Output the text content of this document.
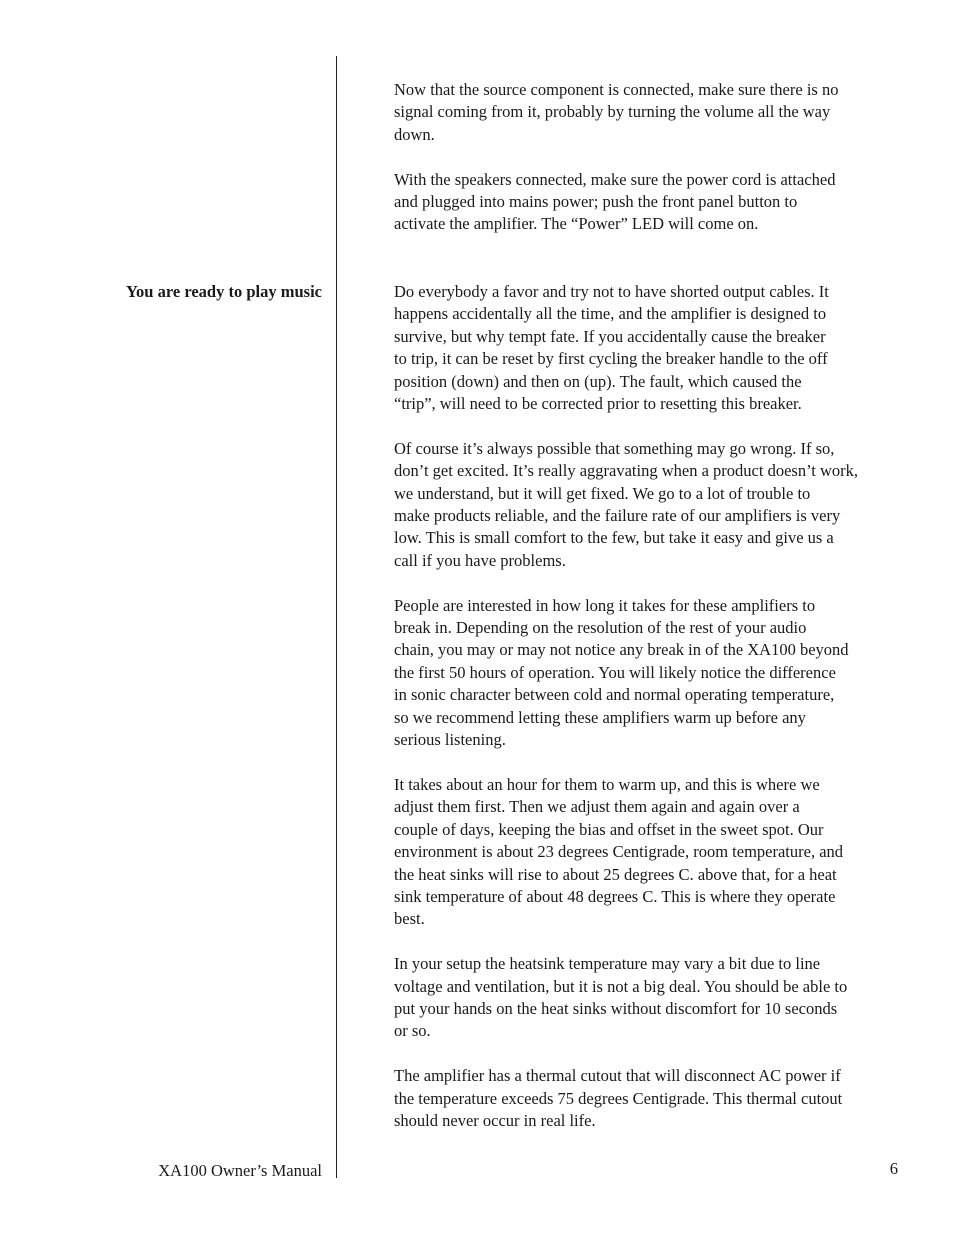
You are ready to play music

Now that the source component is connected, make sure there is no
signal coming from it, probably by turning the volume all the way
down.

With the speakers connected, make sure the power cord is attached
and plugged into mains power; push the front panel button to
activate the amplifier. The “Power” LED will come on.

Do everybody a favor and try not to have shorted output cables. It
happens accidentally all the time, and the amplifier is designed to
survive, but why tempt fate. If you accidentally cause the breaker
to trip, it can be reset by first cycling the breaker handle to the off
position (down) and then on (up). The fault, which caused the
“trip”, will need to be corrected prior to resetting this breaker.

Of course it’s always possible that something may go wrong. If so,
don’t get excited. It’s really aggravating when a product doesn’t work,
we understand, but it will get fixed. We go to a lot of trouble to
make products reliable, and the failure rate of our amplifiers is very
low. This is small comfort to the few, but take it easy and give us a
call if you have problems.

People are interested in how long it takes for these amplifiers to
break in. Depending on the resolution of the rest of your audio
chain, you may or may not notice any break in of the XA100 beyond
the first 50 hours of operation. You will likely notice the difference
in sonic character between cold and normal operating temperature,
so we recommend letting these amplifiers warm up before any
serious listening.

It takes about an hour for them to warm up, and this is where we
adjust them first. Then we adjust them again and again over a
couple of days, keeping the bias and offset in the sweet spot. Our
environment is about 23 degrees Centigrade, room temperature, and
the heat sinks will rise to about 25 degrees C. above that, for a heat
sink temperature of about 48 degrees C. This is where they operate
best.

In your setup the heatsink temperature may vary a bit due to line
voltage and ventilation, but it is not a big deal. You should be able to
put your hands on the heat sinks without discomfort for 10 seconds
or so.

The amplifier has a thermal cutout that will disconnect AC power if
the temperature exceeds 75 degrees Centigrade. This thermal cutout
should never occur in real life.

XA100 Owner’s Manual	6
